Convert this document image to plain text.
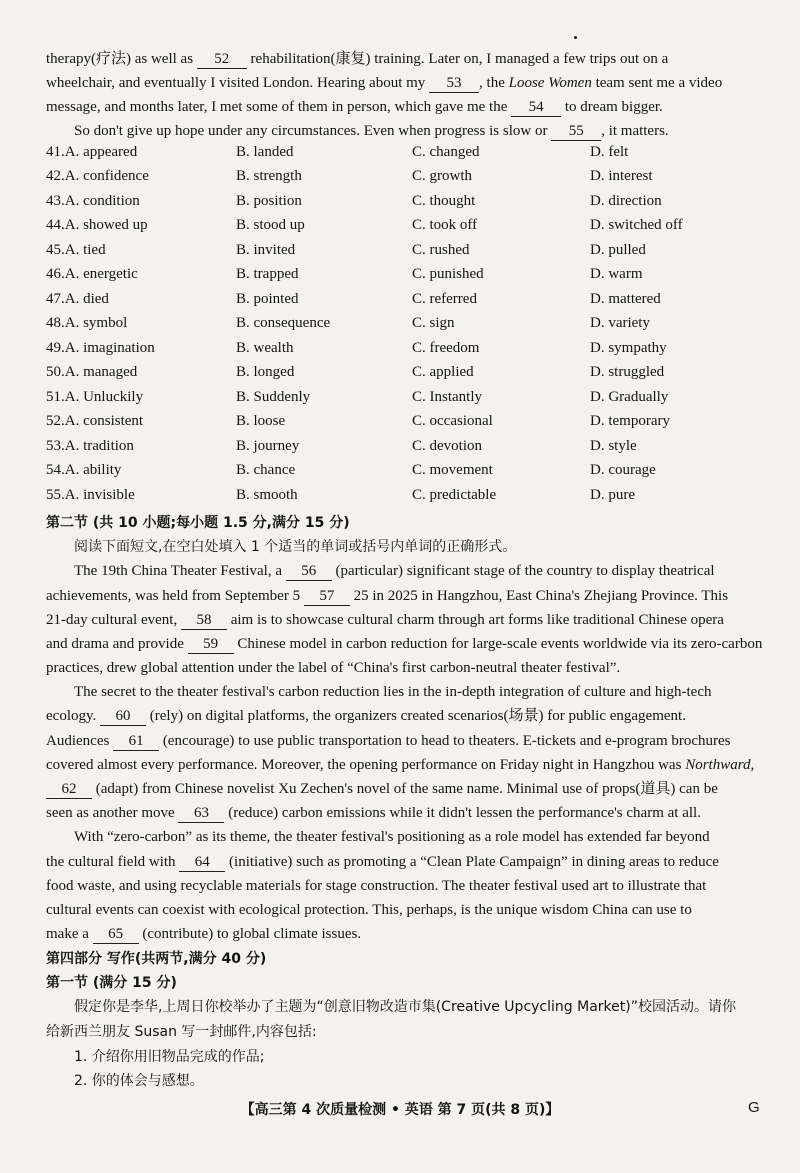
therapy(疗法) as well as 52 rehabilitation(康复) training. Later on, I managed a few trips out on a
wheelchair, and eventually I visited London. Hearing about my 53 , the Loose Women team sent me a video
message, and months later, I met some of them in person, which gave me the 54 to dream bigger.
So don't give up hope under any circumstances. Even when progress is slow or 55 , it matters.
41.A. appeared	B. landed	C. changed	D. felt
42.A. confidence	B. strength	C. growth	D. interest
43.A. condition	B. position	C. thought	D. direction
44.A. showed up	B. stood up	C. took off	D. switched off
45.A. tied	B. invited	C. rushed	D. pulled
46.A. energetic	B. trapped	C. punished	D. warm
47.A. died	B. pointed	C. referred	D. mattered
48.A. symbol	B. consequence	C. sign	D. variety
49.A. imagination	B. wealth	C. freedom	D. sympathy
50.A. managed	B. longed	C. applied	D. struggled
51.A. Unluckily	B. Suddenly	C. Instantly	D. Gradually
52.A. consistent	B. loose	C. occasional	D. temporary
53.A. tradition	B. journey	C. devotion	D. style
54.A. ability	B. chance	C. movement	D. courage
55.A. invisible	B. smooth	C. predictable	D. pure
第二节 (共 10 小题;每小题 1.5 分,满分 15 分)
阅读下面短文,在空白处填入 1 个适当的单词或括号内单词的正确形式。
The 19th China Theater Festival, a 56 (particular) significant stage of the country to display theatrical
achievements, was held from September 5 57 25 in 2025 in Hangzhou, East China's Zhejiang Province. This
21-day cultural event, 58 aim is to showcase cultural charm through art forms like traditional Chinese opera
and drama and provide 59 Chinese model in carbon reduction for large-scale events worldwide via its zero-carbon
practices, drew global attention under the label of “China's first carbon-neutral theater festival”.
The secret to the theater festival's carbon reduction lies in the in-depth integration of culture and high-tech
ecology. 60 (rely) on digital platforms, the organizers created scenarios(场景) for public engagement.
Audiences 61 (encourage) to use public transportation to head to theaters. E-tickets and e-program brochures
covered almost every performance. Moreover, the opening performance on Friday night in Hangzhou was Northward,
62 (adapt) from Chinese novelist Xu Zechen's novel of the same name. Minimal use of props(道具) can be
seen as another move 63 (reduce) carbon emissions while it didn't lessen the performance's charm at all.
With “zero-carbon” as its theme, the theater festival's positioning as a role model has extended far beyond
the cultural field with 64 (initiative) such as promoting a “Clean Plate Campaign” in dining areas to reduce
food waste, and using recyclable materials for stage construction. The theater festival used art to illustrate that
cultural events can coexist with ecological protection. This, perhaps, is the unique wisdom China can use to
make a 65 (contribute) to global climate issues.
第四部分 写作(共两节,满分 40 分)
第一节 (满分 15 分)
假定你是李华,上周日你校举办了主题为“创意旧物改造市集(Creative Upcycling Market)”校园活动。请你
给新西兰朋友 Susan 写一封邮件,内容包括:
1. 介绍你用旧物品完成的作品;
2. 你的体会与感想。
【高三第 4 次质量检测 • 英语 第 7 页(共 8 页)】	G
